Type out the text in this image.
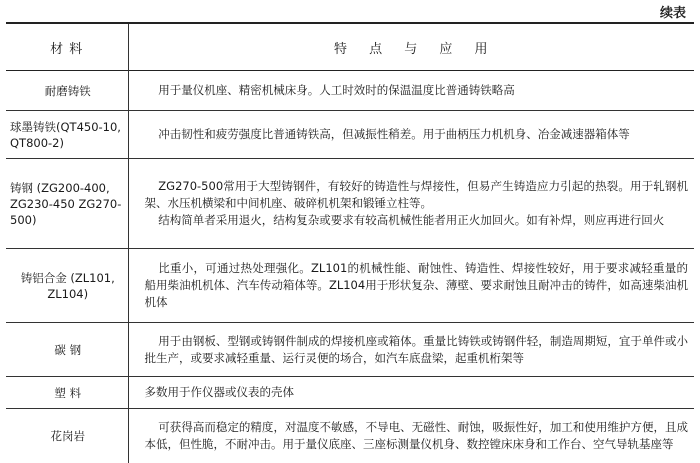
续表
材 料	特 点 与 应 用
耐磨铸铁	用于量仪机座、精密机械床身。人工时效时的保温温度比普通铸铁略高

球墨铸铁(QT450-10, QT800-2)	冲击韧性和疲劳强度比普通铸铁高，但减振性稍差。用于曲柄压力机机身、冶金减速器箱体等

铸钢 (ZG200-400, ZG230-450 ZG270-500)	ZG270-500常用于大型铸钢件，有较好的铸造性与焊接性，但易产生铸造应力引起的热裂。用于轧钢机架、水压机横梁和中间机座、破碎机机架和锻锤立柱等。

结构简单者采用退火，结构复杂或要求有较高机械性能者用正火加回火。如有补焊，则应再进行回火

铸铝合金 (ZL101, ZL104)	比重小，可通过热处理强化。ZL101的机械性能、耐蚀性、铸造性、焊接性较好，用于要求减轻重量的船用柴油机机体、汽车传动箱体等。ZL104用于形状复杂、薄壁、要求耐蚀且耐冲击的铸件，如高速柴油机机体

碳 钢	用于由钢板、型钢或铸钢件制成的焊接机座或箱体。重量比铸铁或铸钢件轻，制造周期短，宜于单件或小批生产，或要求减轻重量、运行灵便的场合，如汽车底盘梁，起重机桁架等

塑 料	多数用于作仪器或仪表的壳体

花岗岩	可获得高而稳定的精度，对温度不敏感，不导电、无磁性、耐蚀，吸振性好，加工和使用维护方便，且成本低，但性脆，不耐冲击。用于量仪底座、三座标测量仪机身、数控镗床床身和工作台、空气导轨基座等
